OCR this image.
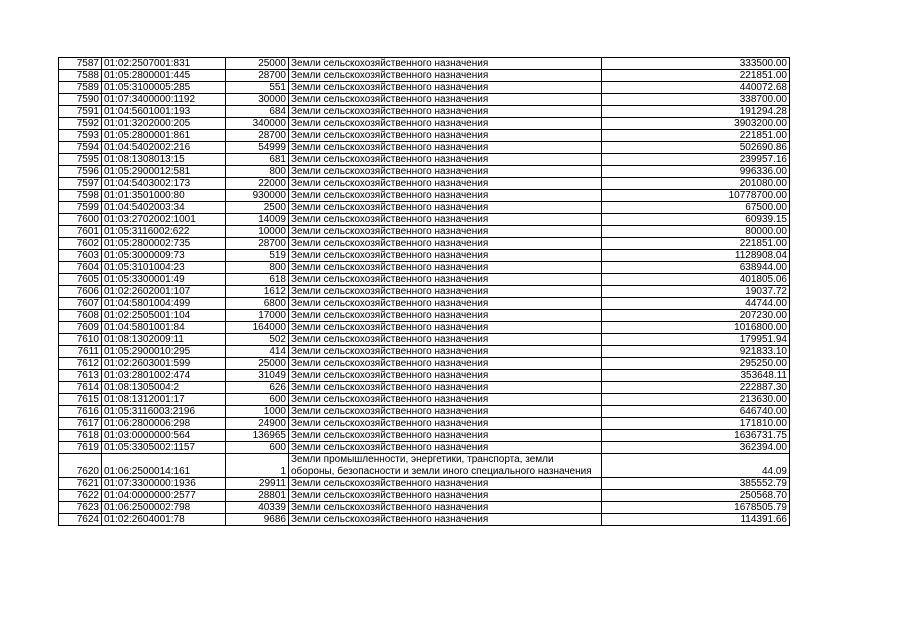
7587	01:02:2507001:831	25000	Земли сельскохозяйственного назначения	333500.00
7588	01:05:2800001:445	28700	Земли сельскохозяйственного назначения	221851.00
7589	01:05:3100005:285	551	Земли сельскохозяйственного назначения	440072.68
7590	01:07:3400000:1192	30000	Земли сельскохозяйственного назначения	338700.00
7591	01:04:5601001:193	684	Земли сельскохозяйственного назначения	191294.28
7592	01:01:3202000:205	340000	Земли сельскохозяйственного назначения	3903200.00
7593	01:05:2800001:861	28700	Земли сельскохозяйственного назначения	221851.00
7594	01:04:5402002:216	54999	Земли сельскохозяйственного назначения	502690.86
7595	01:08:1308013:15	681	Земли сельскохозяйственного назначения	239957.16
7596	01:05:2900012:581	800	Земли сельскохозяйственного назначения	996336.00
7597	01:04:5403002:173	22000	Земли сельскохозяйственного назначения	201080.00
7598	01:01:3501000:80	930000	Земли сельскохозяйственного назначения	10778700.00
7599	01:04:5402003:34	2500	Земли сельскохозяйственного назначения	67500.00
7600	01:03:2702002:1001	14009	Земли сельскохозяйственного назначения	60939.15
7601	01:05:3116002:622	10000	Земли сельскохозяйственного назначения	80000.00
7602	01:05:2800002:735	28700	Земли сельскохозяйственного назначения	221851.00
7603	01:05:3000009:73	519	Земли сельскохозяйственного назначения	1128908.04
7604	01:05:3101004:23	800	Земли сельскохозяйственного назначения	638944.00
7605	01:05:3300001:49	618	Земли сельскохозяйственного назначения	401805.06
7606	01:02:2602001:107	1612	Земли сельскохозяйственного назначения	19037.72
7607	01:04:5801004:499	6800	Земли сельскохозяйственного назначения	44744.00
7608	01:02:2505001:104	17000	Земли сельскохозяйственного назначения	207230.00
7609	01:04:5801001:84	164000	Земли сельскохозяйственного назначения	1016800.00
7610	01:08:1302009:11	502	Земли сельскохозяйственного назначения	179951.94
7611	01:05:2900010:295	414	Земли сельскохозяйственного назначения	921833.10
7612	01:02:2603001:599	25000	Земли сельскохозяйственного назначения	295250.00
7613	01:03:2801002:474	31049	Земли сельскохозяйственного назначения	353648.11
7614	01:08:1305004:2	626	Земли сельскохозяйственного назначения	222887.30
7615	01:08:1312001:17	600	Земли сельскохозяйственного назначения	213630.00
7616	01:05:3116003:2196	1000	Земли сельскохозяйственного назначения	646740.00
7617	01:06:2800006:298	24900	Земли сельскохозяйственного назначения	171810.00
7618	01:03:0000000:564	136965	Земли сельскохозяйственного назначения	1636731.75
7619	01:05:3305002:1157	600	Земли сельскохозяйственного назначения	362394.00
7620	01:06:2500014:161	1	Земли промышленности, энергетики, транспорта, земли обороны, безопасности и земли иного специального назначения	44.09
7621	01:07:3300000:1936	29911	Земли сельскохозяйственного назначения	385552.79
7622	01:04:0000000:2577	28801	Земли сельскохозяйственного назначения	250568.70
7623	01:06:2500002:798	40339	Земли сельскохозяйственного назначения	1678505.79
7624	01:02:2604001:78	9686	Земли сельскохозяйственного назначения	114391.66
